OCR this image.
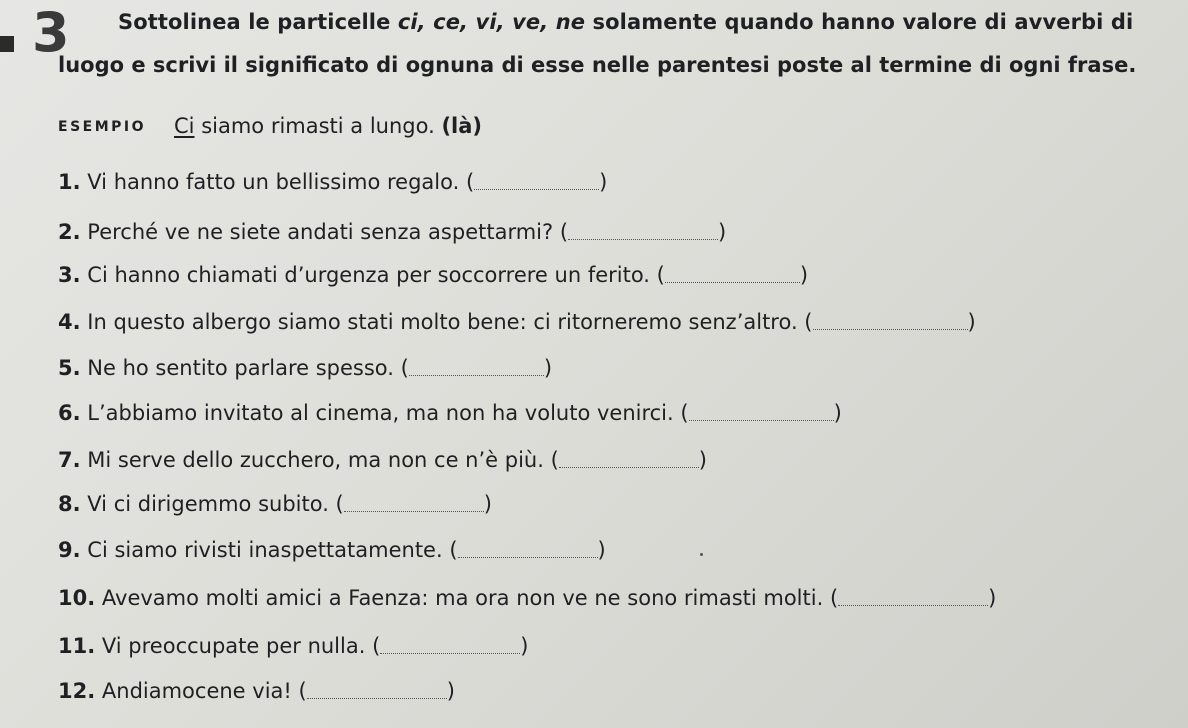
3 Sottolinea le particelle ci, ce, vi, ve, ne solamente quando hanno valore di avverbi di
luogo e scrivi il significato di ognuna di esse nelle parentesi poste al termine di ogni frase.
ESEMPIO Ci siamo rimasti a lungo. (là)
1. Vi hanno fatto un bellissimo regalo. (	)
2. Perché ve ne siete andati senza aspettarmi? (	)
3. Ci hanno chiamati d’urgenza per soccorrere un ferito. (	)
4. In questo albergo siamo stati molto bene: ci ritorneremo senz’altro. (	)
5. Ne ho sentito parlare spesso. (	)
6. L’abbiamo invitato al cinema, ma non ha voluto venirci. (	)
7. Mi serve dello zucchero, ma non ce n’è più. (	)
8. Vi ci dirigemmo subito. (	)
9. Ci siamo rivisti inaspettatamente. (	)
10. Avevamo molti amici a Faenza: ma ora non ve ne sono rimasti molti. (	)
11. Vi preoccupate per nulla. (	)
12. Andiamocene via! (	)
